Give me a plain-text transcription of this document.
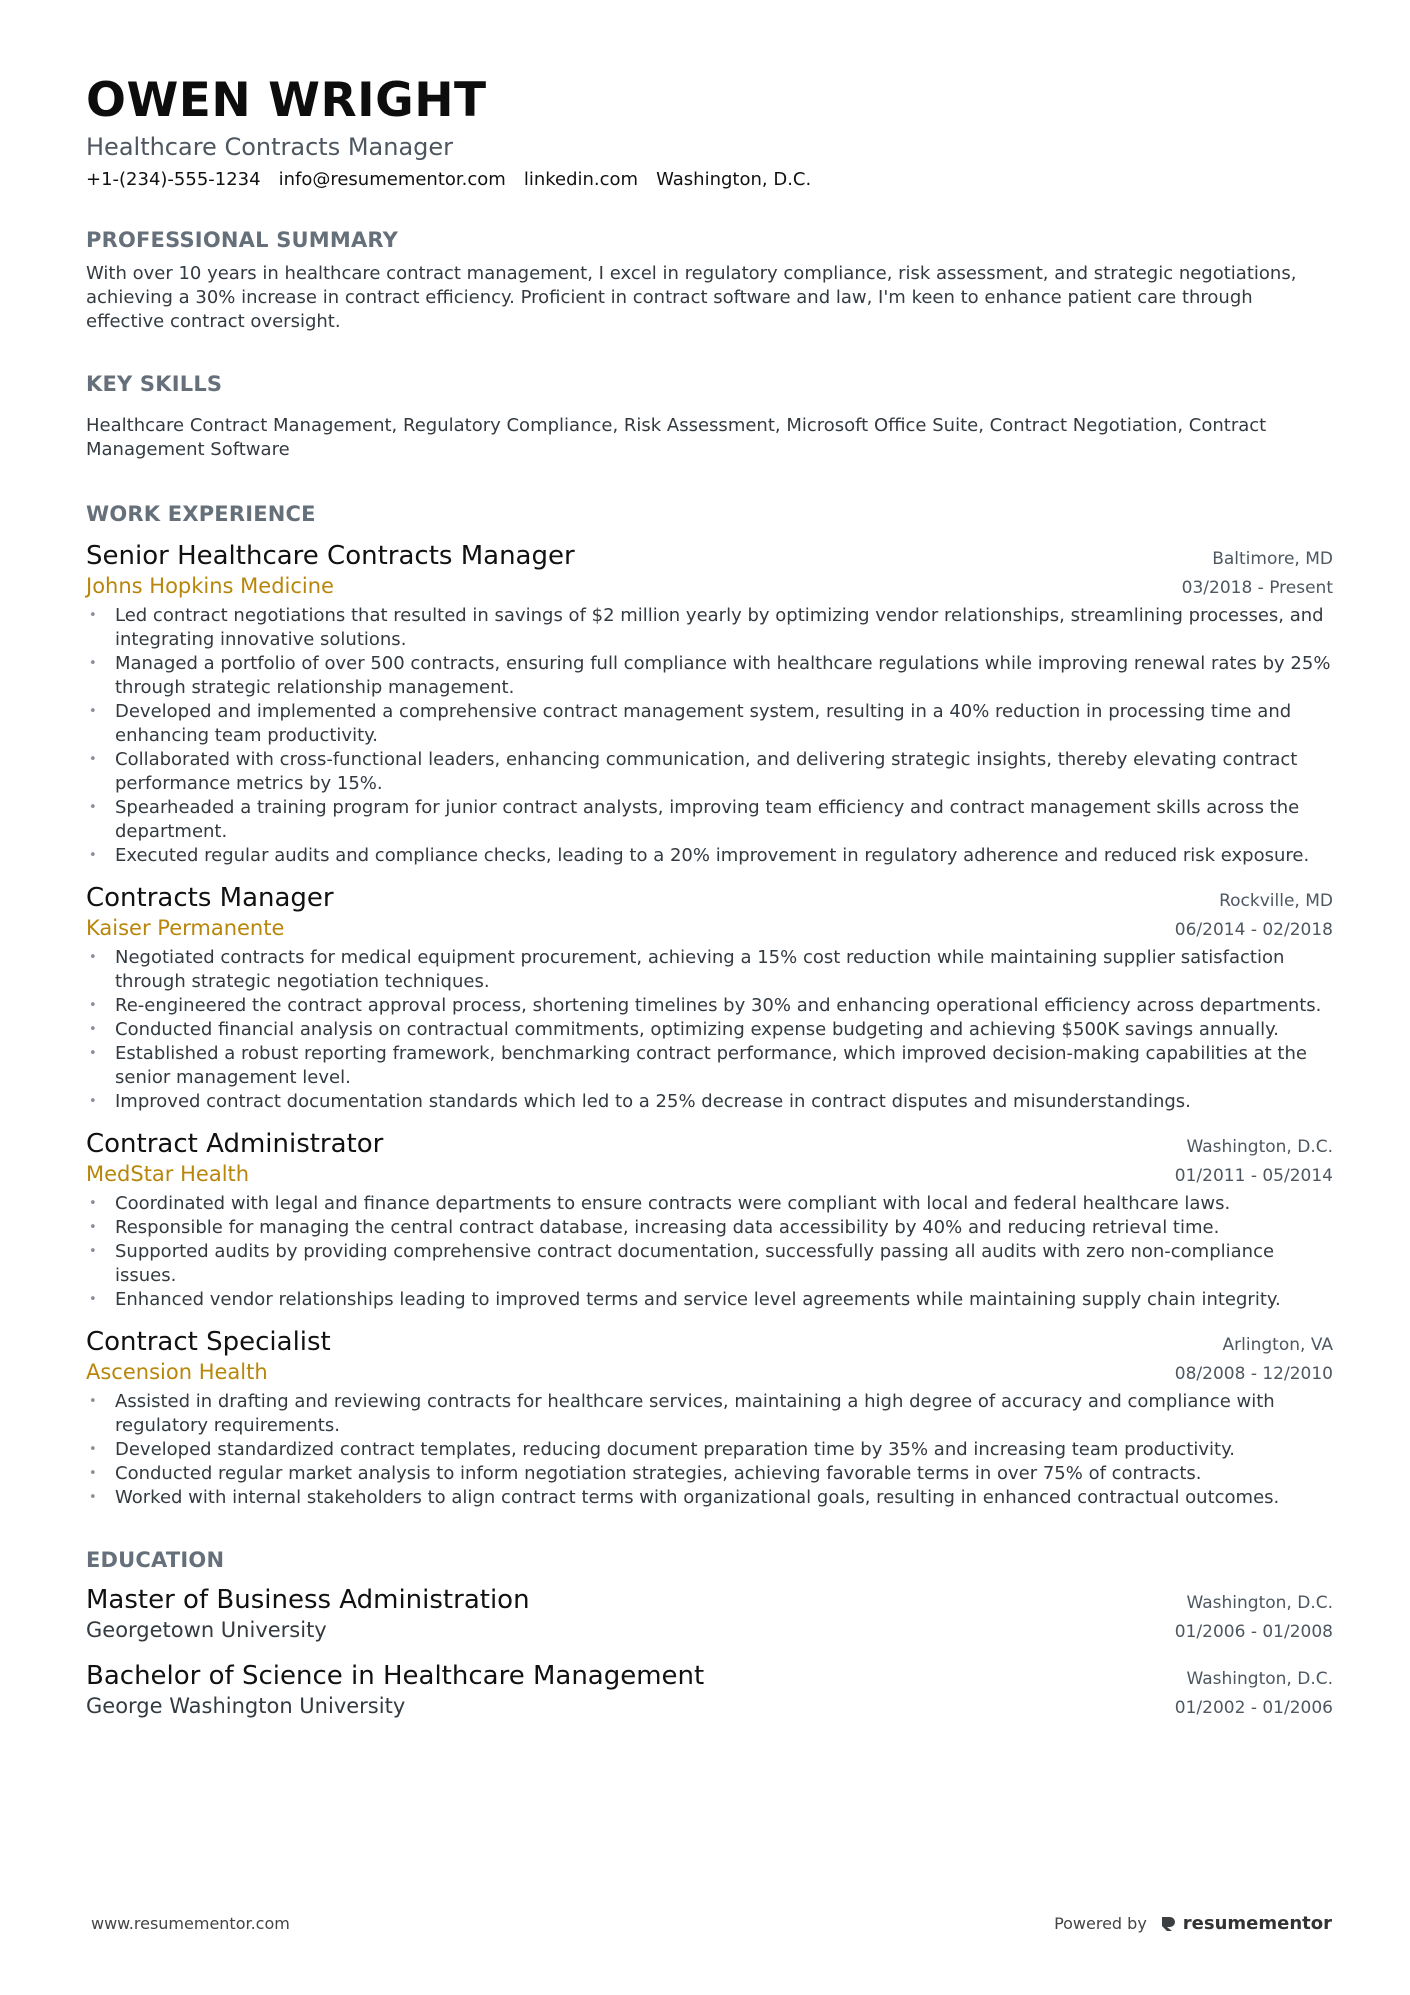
OWEN WRIGHT
Healthcare Contracts Manager
+1-(234)-555-1234 info@resumementor.com linkedin.com Washington, D.C.
PROFESSIONAL SUMMARY
With over 10 years in healthcare contract management, I excel in regulatory compliance, risk assessment, and strategic negotiations, achieving a 30% increase in contract efficiency. Proficient in contract software and law, I'm keen to enhance patient care through effective contract oversight.
KEY SKILLS
Healthcare Contract Management, Regulatory Compliance, Risk Assessment, Microsoft Office Suite, Contract Negotiation, Contract Management Software
WORK EXPERIENCE
Senior Healthcare Contracts Manager	Baltimore, MD
Johns Hopkins Medicine	03/2018 - Present
• Led contract negotiations that resulted in savings of $2 million yearly by optimizing vendor relationships, streamlining processes, and integrating innovative solutions.
• Managed a portfolio of over 500 contracts, ensuring full compliance with healthcare regulations while improving renewal rates by 25% through strategic relationship management.
• Developed and implemented a comprehensive contract management system, resulting in a 40% reduction in processing time and enhancing team productivity.
• Collaborated with cross-functional leaders, enhancing communication, and delivering strategic insights, thereby elevating contract performance metrics by 15%.
• Spearheaded a training program for junior contract analysts, improving team efficiency and contract management skills across the department.
• Executed regular audits and compliance checks, leading to a 20% improvement in regulatory adherence and reduced risk exposure.
Contracts Manager	Rockville, MD
Kaiser Permanente	06/2014 - 02/2018
• Negotiated contracts for medical equipment procurement, achieving a 15% cost reduction while maintaining supplier satisfaction through strategic negotiation techniques.
• Re-engineered the contract approval process, shortening timelines by 30% and enhancing operational efficiency across departments.
• Conducted financial analysis on contractual commitments, optimizing expense budgeting and achieving $500K savings annually.
• Established a robust reporting framework, benchmarking contract performance, which improved decision-making capabilities at the senior management level.
• Improved contract documentation standards which led to a 25% decrease in contract disputes and misunderstandings.
Contract Administrator	Washington, D.C.
MedStar Health	01/2011 - 05/2014
• Coordinated with legal and finance departments to ensure contracts were compliant with local and federal healthcare laws.
• Responsible for managing the central contract database, increasing data accessibility by 40% and reducing retrieval time.
• Supported audits by providing comprehensive contract documentation, successfully passing all audits with zero non-compliance issues.
• Enhanced vendor relationships leading to improved terms and service level agreements while maintaining supply chain integrity.
Contract Specialist	Arlington, VA
Ascension Health	08/2008 - 12/2010
• Assisted in drafting and reviewing contracts for healthcare services, maintaining a high degree of accuracy and compliance with regulatory requirements.
• Developed standardized contract templates, reducing document preparation time by 35% and increasing team productivity.
• Conducted regular market analysis to inform negotiation strategies, achieving favorable terms in over 75% of contracts.
• Worked with internal stakeholders to align contract terms with organizational goals, resulting in enhanced contractual outcomes.
EDUCATION
Master of Business Administration	Washington, D.C.
Georgetown University	01/2006 - 01/2008
Bachelor of Science in Healthcare Management	Washington, D.C.
George Washington University	01/2002 - 01/2006
www.resumementor.com	Powered by resumementor
